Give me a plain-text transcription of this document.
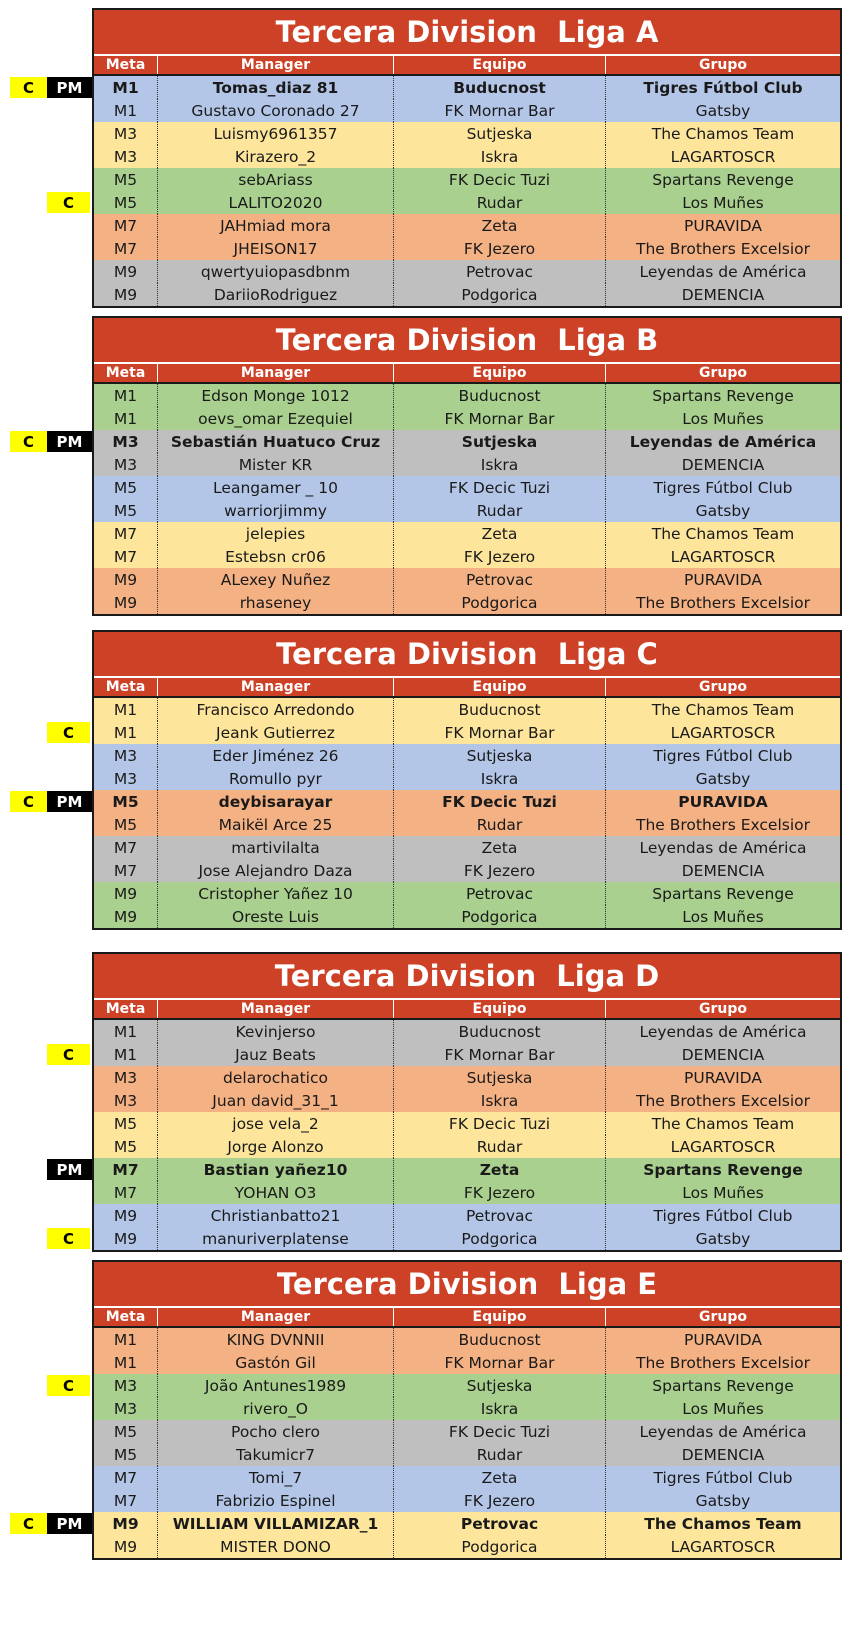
PM
C
C
Tercera Division  Liga A
Meta	Manager	Equipo	Grupo
M1	Tomas_diaz 81	Buducnost	Tigres Fútbol Club
M1	Gustavo Coronado 27	FK Mornar Bar	Gatsby
M3	Luismy6961357	Sutjeska	The Chamos Team
M3	Kirazero_2	Iskra	LAGARTOSCR
M5	sebAriass	FK Decic Tuzi	Spartans Revenge
M5	LALITO2020	Rudar	Los Muñes
M7	JAHmiad mora	Zeta	PURAVIDA
M7	JHEISON17	FK Jezero	The Brothers Excelsior
M9	qwertyuiopasdbnm	Petrovac	Leyendas de América
M9	DariioRodriguez	Podgorica	DEMENCIA
PM
C
Tercera Division  Liga B
Meta	Manager	Equipo	Grupo
M1	Edson Monge 1012	Buducnost	Spartans Revenge
M1	oevs_omar Ezequiel	FK Mornar Bar	Los Muñes
M3	Sebastián Huatuco Cruz	Sutjeska	Leyendas de América
M3	Mister KR	Iskra	DEMENCIA
M5	Leangamer _ 10	FK Decic Tuzi	Tigres Fútbol Club
M5	warriorjimmy	Rudar	Gatsby
M7	jelepies	Zeta	The Chamos Team
M7	Estebsn cr06	FK Jezero	LAGARTOSCR
M9	ALexey Nuñez	Petrovac	PURAVIDA
M9	rhaseney	Podgorica	The Brothers Excelsior
C
PM
C
Tercera Division  Liga C
Meta	Manager	Equipo	Grupo
M1	Francisco Arredondo	Buducnost	The Chamos Team
M1	Jeank Gutierrez	FK Mornar Bar	LAGARTOSCR
M3	Eder Jiménez 26	Sutjeska	Tigres Fútbol Club
M3	Romullo pyr	Iskra	Gatsby
M5	deybisarayar	FK Decic Tuzi	PURAVIDA
M5	Maikël Arce 25	Rudar	The Brothers Excelsior
M7	martivilalta	Zeta	Leyendas de América
M7	Jose Alejandro Daza	FK Jezero	DEMENCIA
M9	Cristopher Yañez 10	Petrovac	Spartans Revenge
M9	Oreste Luis	Podgorica	Los Muñes
C
PM
C
Tercera Division  Liga D
Meta	Manager	Equipo	Grupo
M1	Kevinjerso	Buducnost	Leyendas de América
M1	Jauz Beats	FK Mornar Bar	DEMENCIA
M3	delarochatico	Sutjeska	PURAVIDA
M3	Juan david_31_1	Iskra	The Brothers Excelsior
M5	jose vela_2	FK Decic Tuzi	The Chamos Team
M5	Jorge Alonzo	Rudar	LAGARTOSCR
M7	Bastian yañez10	Zeta	Spartans Revenge
M7	YOHAN O3	FK Jezero	Los Muñes
M9	Christianbatto21	Petrovac	Tigres Fútbol Club
M9	manuriverplatense	Podgorica	Gatsby
C
PM
C
Tercera Division  Liga E
Meta	Manager	Equipo	Grupo
M1	KING DVNNII	Buducnost	PURAVIDA
M1	Gastón Gil	FK Mornar Bar	The Brothers Excelsior
M3	João Antunes1989	Sutjeska	Spartans Revenge
M3	rivero_O	Iskra	Los Muñes
M5	Pocho clero	FK Decic Tuzi	Leyendas de América
M5	Takumicr7	Rudar	DEMENCIA
M7	Tomi_7	Zeta	Tigres Fútbol Club
M7	Fabrizio Espinel	FK Jezero	Gatsby
M9	WILLIAM VILLAMIZAR_1	Petrovac	The Chamos Team
M9	MISTER DONO	Podgorica	LAGARTOSCR
